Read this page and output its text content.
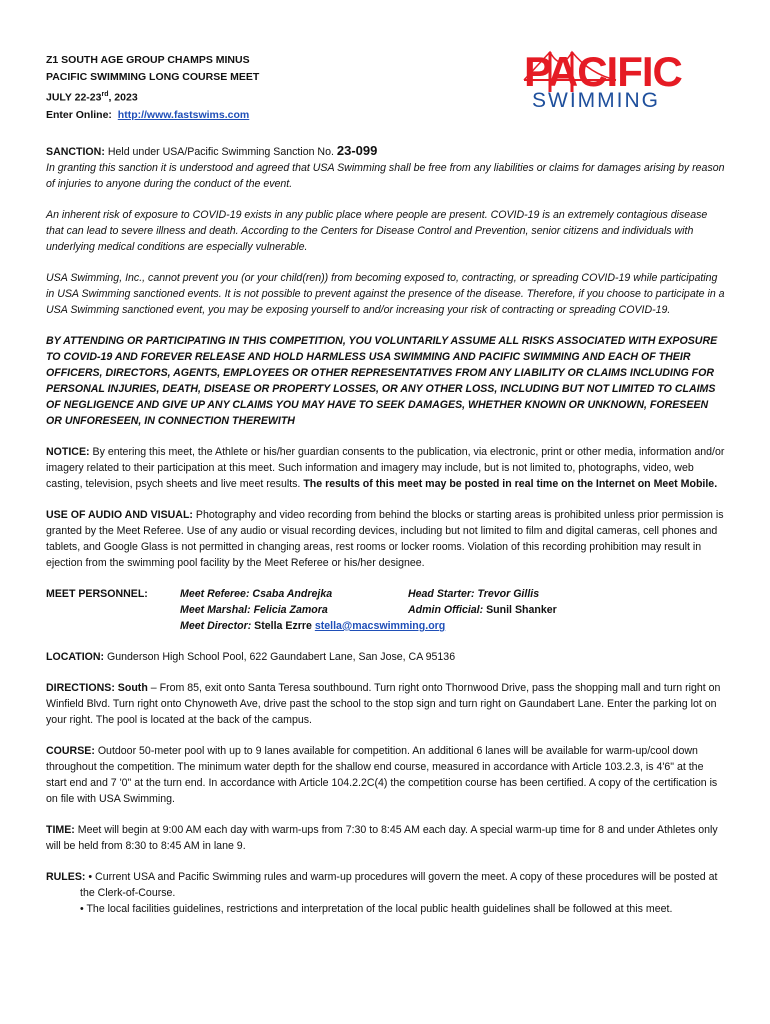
Z1 SOUTH AGE GROUP CHAMPS MINUS
PACIFIC SWIMMING LONG COURSE MEET
JULY 22-23rd, 2023
Enter Online: http://www.fastswims.com
PACIFIC
SWIMMING

SANCTION: Held under USA/Pacific Swimming Sanction No. 23-099

In granting this sanction it is understood and agreed that USA Swimming shall be free from any liabilities or claims for damages arising by reason of injuries to anyone during the conduct of the event.

An inherent risk of exposure to COVID-19 exists in any public place where people are present. COVID-19 is an extremely contagious disease that can lead to severe illness and death. According to the Centers for Disease Control and Prevention, senior citizens and individuals with underlying medical conditions are especially vulnerable.

USA Swimming, Inc., cannot prevent you (or your child(ren)) from becoming exposed to, contracting, or spreading COVID-19 while participating in USA Swimming sanctioned events. It is not possible to prevent against the presence of the disease. Therefore, if you choose to participate in a USA Swimming sanctioned event, you may be exposing yourself to and/or increasing your risk of contracting or spreading COVID-19.

BY ATTENDING OR PARTICIPATING IN THIS COMPETITION, YOU VOLUNTARILY ASSUME ALL RISKS ASSOCIATED WITH EXPOSURE TO COVID-19 AND FOREVER RELEASE AND HOLD HARMLESS USA SWIMMING AND PACIFIC SWIMMING AND EACH OF THEIR OFFICERS, DIRECTORS, AGENTS, EMPLOYEES OR OTHER REPRESENTATIVES FROM ANY LIABILITY OR CLAIMS INCLUDING FOR PERSONAL INJURIES, DEATH, DISEASE OR PROPERTY LOSSES, OR ANY OTHER LOSS, INCLUDING BUT NOT LIMITED TO CLAIMS OF NEGLIGENCE AND GIVE UP ANY CLAIMS YOU MAY HAVE TO SEEK DAMAGES, WHETHER KNOWN OR UNKNOWN, FORESEEN OR UNFORESEEN, IN CONNECTION THEREWITH

NOTICE: By entering this meet, the Athlete or his/her guardian consents to the publication, via electronic, print or other media, information and/or imagery related to their participation at this meet. Such information and imagery may include, but is not limited to, photographs, video, web casting, television, psych sheets and live meet results. The results of this meet may be posted in real time on the Internet on Meet Mobile.

USE OF AUDIO AND VISUAL: Photography and video recording from behind the blocks or starting areas is prohibited unless prior permission is granted by the Meet Referee. Use of any audio or visual recording devices, including but not limited to film and digital cameras, cell phones and tablets, and Google Glass is not permitted in changing areas, rest rooms or locker rooms. Violation of this recording prohibition may result in ejection from the swimming pool facility by the Meet Referee or his/her designee.

MEET PERSONNEL:	Meet Referee: Csaba Andrejka	Head Starter: Trevor Gillis
Meet Marshal: Felicia Zamora	Admin Official: Sunil Shanker
Meet Director: Stella Ezrre stella@macswimming.org

LOCATION: Gunderson High School Pool, 622 Gaundabert Lane, San Jose, CA 95136

DIRECTIONS: South – From 85, exit onto Santa Teresa southbound. Turn right onto Thornwood Drive, pass the shopping mall and turn right on Winfield Blvd. Turn right onto Chynoweth Ave, drive past the school to the stop sign and turn right on Gaundabert Lane. Enter the parking lot on your right. The pool is located at the back of the campus.

COURSE: Outdoor 50-meter pool with up to 9 lanes available for competition. An additional 6 lanes will be available for warm-up/cool down throughout the competition. The minimum water depth for the shallow end course, measured in accordance with Article 103.2.3, is 4'6" at the start end and 7 '0" at the turn end. In accordance with Article 104.2.2C(4) the competition course has been certified. A copy of the certification is on file with USA Swimming.

TIME: Meet will begin at 9:00 AM each day with warm-ups from 7:30 to 8:45 AM each day. A special warm-up time for 8 and under Athletes only will be held from 8:30 to 8:45 AM in lane 9.

RULES: • Current USA and Pacific Swimming rules and warm-up procedures will govern the meet. A copy of these procedures will be posted at the Clerk-of-Course.
• The local facilities guidelines, restrictions and interpretation of the local public health guidelines shall be followed at this meet.
